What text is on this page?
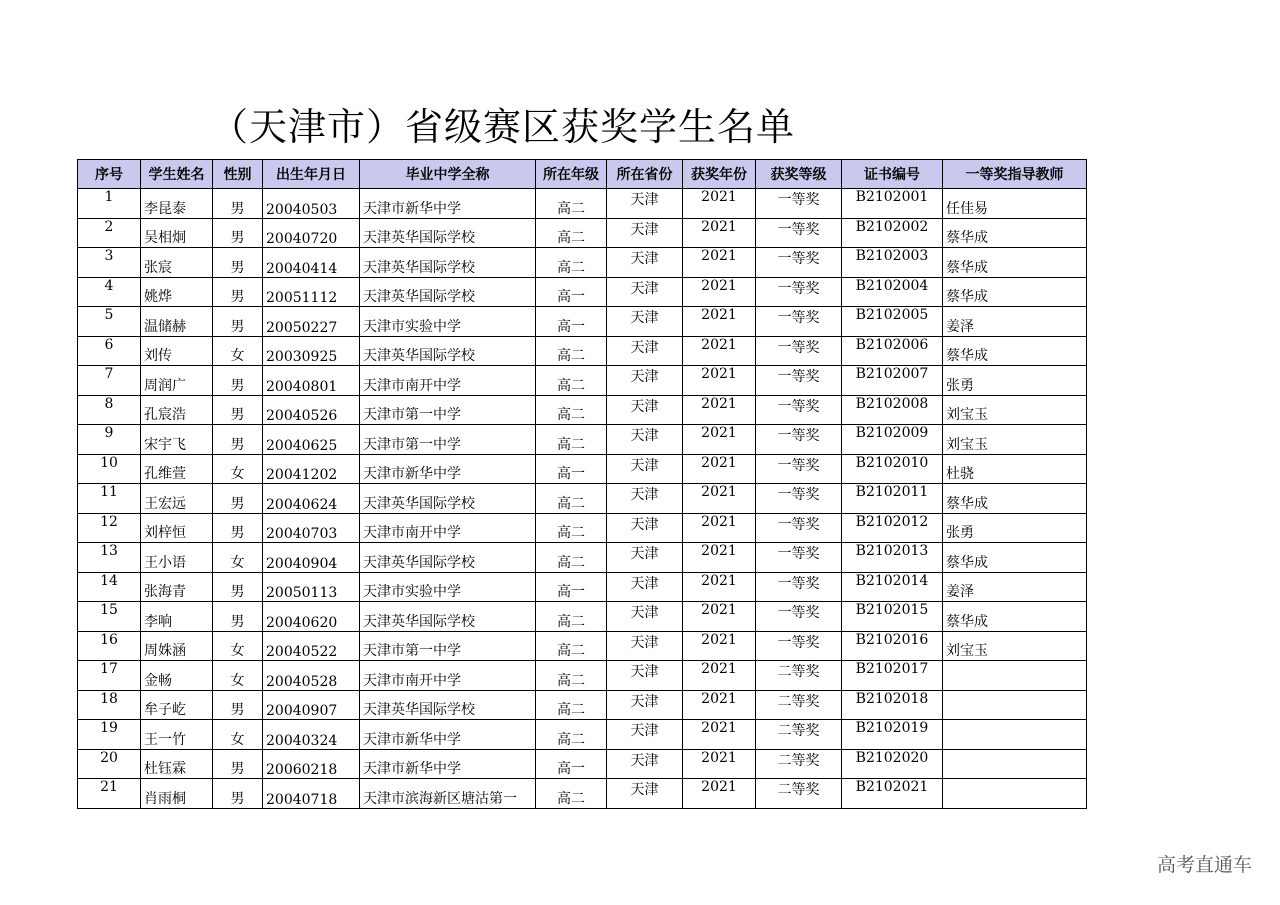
（天津市）省级赛区获奖学生名单
序号	学生姓名	性别	出生年月日	毕业中学全称	所在年级	所在省份	获奖年份	获奖等级	证书编号	一等奖指导教师
1	李昆泰	男	20040503	天津市新华中学	高二	天津	2021	一等奖	B2102001	任佳易
2	吴相炯	男	20040720	天津英华国际学校	高二	天津	2021	一等奖	B2102002	蔡华成
3	张宸	男	20040414	天津英华国际学校	高二	天津	2021	一等奖	B2102003	蔡华成
4	姚烨	男	20051112	天津英华国际学校	高一	天津	2021	一等奖	B2102004	蔡华成
5	温储赫	男	20050227	天津市实验中学	高一	天津	2021	一等奖	B2102005	姜泽
6	刘传	女	20030925	天津英华国际学校	高二	天津	2021	一等奖	B2102006	蔡华成
7	周润广	男	20040801	天津市南开中学	高二	天津	2021	一等奖	B2102007	张勇
8	孔宸浩	男	20040526	天津市第一中学	高二	天津	2021	一等奖	B2102008	刘宝玉
9	宋宇飞	男	20040625	天津市第一中学	高二	天津	2021	一等奖	B2102009	刘宝玉
10	孔维萱	女	20041202	天津市新华中学	高一	天津	2021	一等奖	B2102010	杜骁
11	王宏远	男	20040624	天津英华国际学校	高二	天津	2021	一等奖	B2102011	蔡华成
12	刘梓恒	男	20040703	天津市南开中学	高二	天津	2021	一等奖	B2102012	张勇
13	王小语	女	20040904	天津英华国际学校	高二	天津	2021	一等奖	B2102013	蔡华成
14	张海青	男	20050113	天津市实验中学	高一	天津	2021	一等奖	B2102014	姜泽
15	李响	男	20040620	天津英华国际学校	高二	天津	2021	一等奖	B2102015	蔡华成
16	周姝涵	女	20040522	天津市第一中学	高二	天津	2021	一等奖	B2102016	刘宝玉
17	金畅	女	20040528	天津市南开中学	高二	天津	2021	二等奖	B2102017	
18	牟子屹	男	20040907	天津英华国际学校	高二	天津	2021	二等奖	B2102018	
19	王一竹	女	20040324	天津市新华中学	高二	天津	2021	二等奖	B2102019	
20	杜钰霖	男	20060218	天津市新华中学	高一	天津	2021	二等奖	B2102020	
21	肖雨桐	男	20040718	天津市滨海新区塘沽第一	高二	天津	2021	二等奖	B2102021	
高考直通车
